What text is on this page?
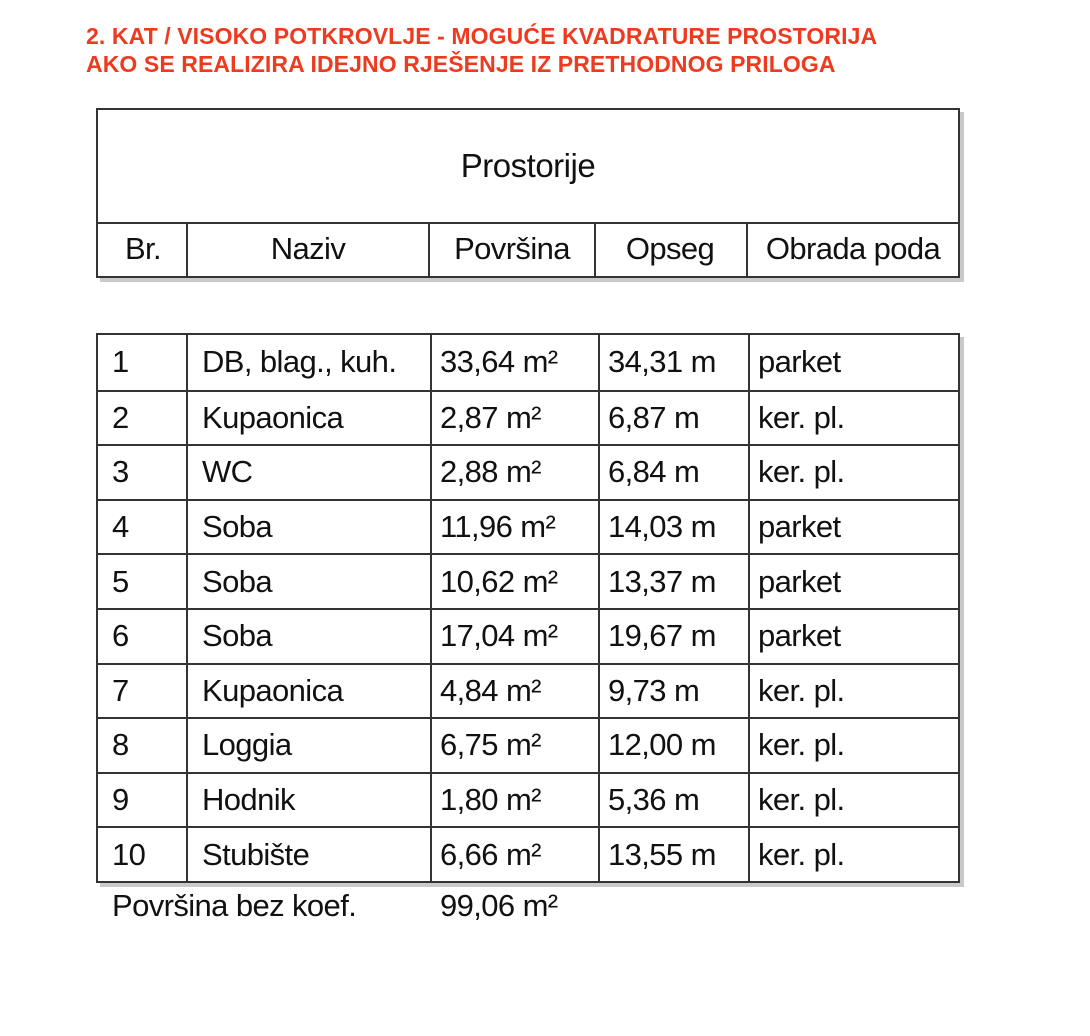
2. KAT / VISOKO POTKROVLJE - MOGUĆE KVADRATURE PROSTORIJA
AKO SE REALIZIRA IDEJNO RJEŠENJE IZ PRETHODNOG PRILOGA
Prostorije
Br.	Naziv	Površina	Opseg	Obrada poda
1 DB, blag., kuh. 33,64 m² 34,31 m parket
2 Kupaonica	2,87 m² 6,87 m ker. pl.
3 WC	2,88 m² 6,84 m ker. pl.
4 Soba	11,96 m² 14,03 m parket
5 Soba	10,62 m² 13,37 m parket
6 Soba	17,04 m² 19,67 m parket
7 Kupaonica	4,84 m² 9,73 m ker. pl.
8 Loggia	6,75 m² 12,00 m ker. pl.
9 Hodnik	1,80 m² 5,36 m ker. pl.
10 Stubište	6,66 m² 13,55 m ker. pl.
Površina bez koef.	99,06 m²
